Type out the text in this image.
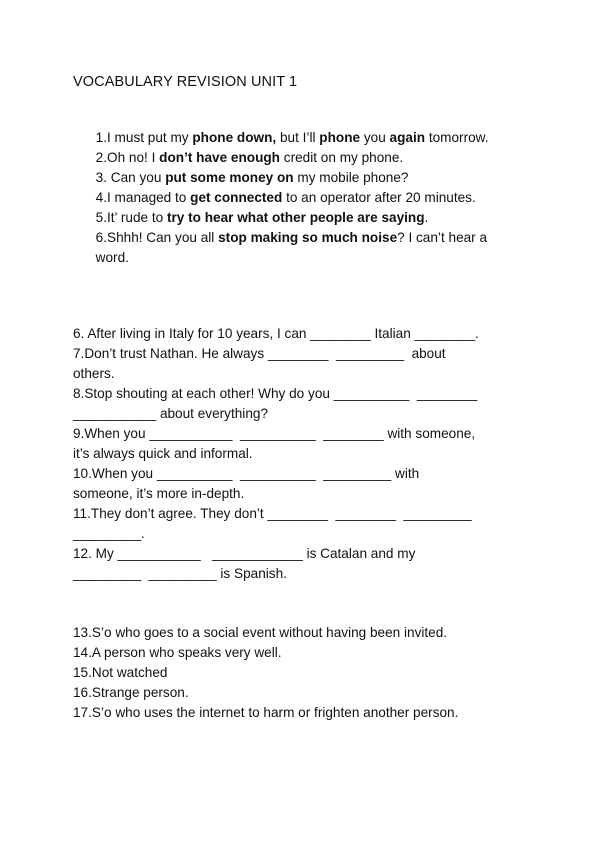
VOCABULARY REVISION UNIT 1

1.I must put my phone down, but I’ll phone you again tomorrow.

2.Oh no! I don’t have enough credit on my phone.

3. Can you put some money on my mobile phone?

4.I managed to get connected to an operator after 20 minutes.

5.It’ rude to try to hear what other people are saying.

6.Shhh! Can you all stop making so much noise? I can’t hear a

word.

6. After living in Italy for 10 years, I can ________ Italian ________.
7.Don’t trust Nathan. He always ________  _________  about
others.
8.Stop shouting at each other! Why do you __________  ________
___________ about everything?
9.When you ___________  __________  ________ with someone,
it’s always quick and informal.
10.When you __________  __________  _________ with
someone, it’s more in-depth.
11.They don’t agree. They don’t ________  ________  _________
_________.
12. My ___________   ____________ is Catalan and my
_________  _________ is Spanish.
13.S’o who goes to a social event without having been invited.
14.A person who speaks very well.
15.Not watched
16.Strange person.
17.S’o who uses the internet to harm or frighten another person.
